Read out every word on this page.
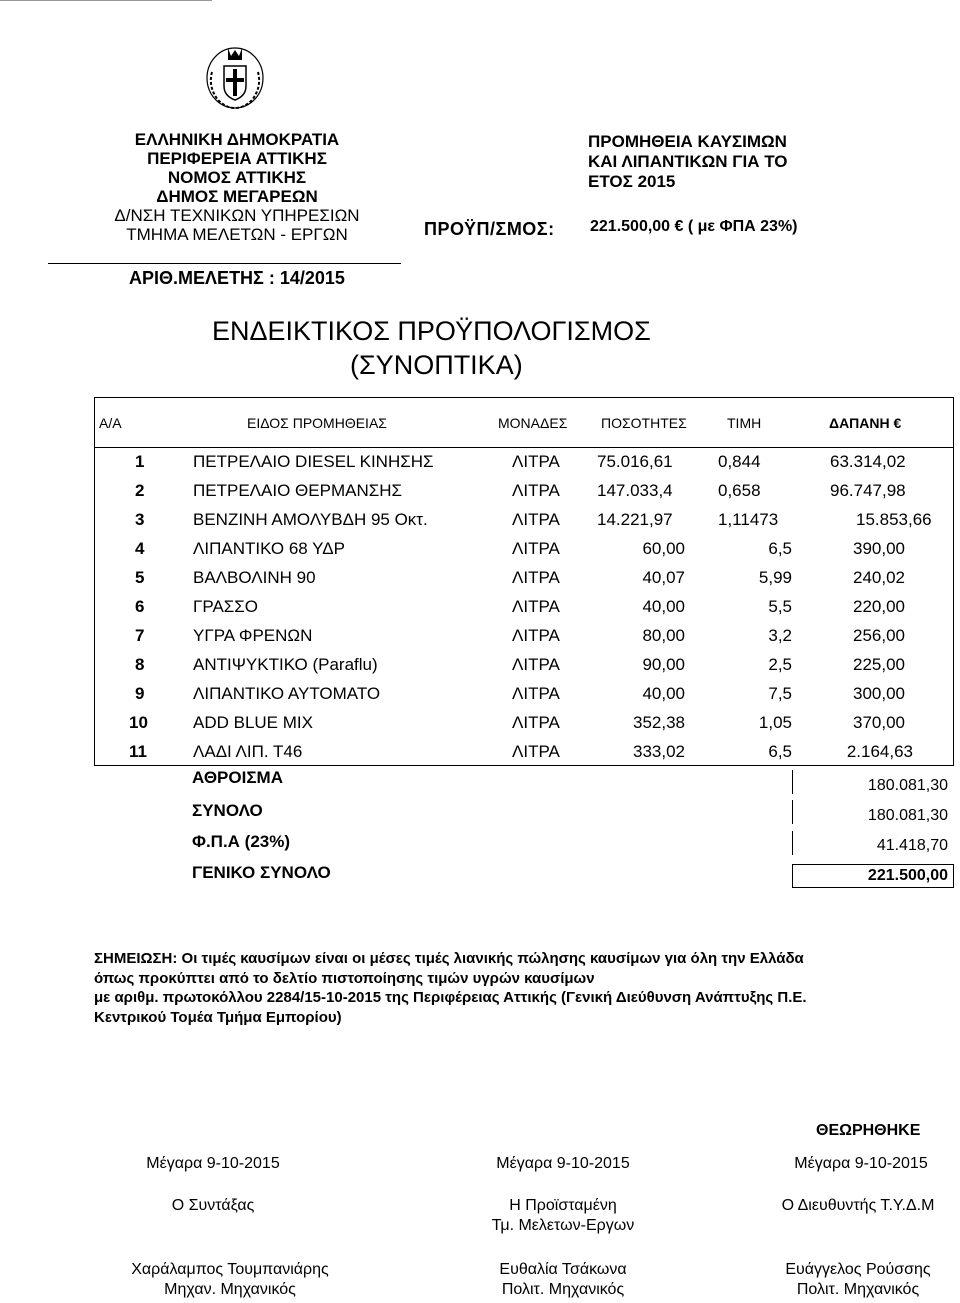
ΕΛΛΗΝΙΚΗ ΔΗΜΟΚΡΑΤΙΑ
ΠΕΡΙΦΕΡΕΙΑ ΑΤΤΙΚΗΣ
ΝΟΜΟΣ ΑΤΤΙΚΗΣ
ΔΗΜΟΣ ΜΕΓΑΡΕΩΝ
Δ/ΝΣΗ ΤΕΧΝΙΚΩΝ ΥΠΗΡΕΣΙΩΝ
ΤΜΗΜΑ ΜΕΛΕΤΩΝ - ΕΡΓΩΝ
ΑΡΙΘ.ΜΕΛΕΤΗΣ : 14/2015
ΠΡΟΜΗΘΕΙΑ ΚΑΥΣΙΜΩΝ
ΚΑΙ ΛΙΠΑΝΤΙΚΩΝ ΓΙΑ ΤΟ
ΕΤΟΣ 2015
ΠΡΟΫΠ/ΣΜΟΣ: 221.500,00 € ( με ΦΠΑ 23%)
ΕΝΔΕΙΚΤΙΚΟΣ ΠΡΟΫΠΟΛΟΓΙΣΜΟΣ
(ΣΥΝΟΠΤΙΚΑ)
Α/Α	ΕΙΔΟΣ ΠΡΟΜΗΘΕΙΑΣ	ΜΟΝΑΔΕΣ ΠΟΣΟΤΗΤΕΣ	ΤΙΜΗ	ΔΑΠΑΝΗ €
1	ΠΕΤΡΕΛΑΙΟ DIESEL ΚΙΝΗΣΗΣ	ΛΙΤΡΑ 75.016,61	0,844	63.314,02
2	ΠΕΤΡΕΛΑΙΟ ΘΕΡΜΑΝΣΗΣ	ΛΙΤΡΑ 147.033,4	0,658	96.747,98
3	ΒΕΝΖΙΝΗ ΑΜΟΛΥΒΔΗ 95 Οκτ.	ΛΙΤΡΑ 14.221,97	1,11473	15.853,66
4	ΛΙΠΑΝΤΙΚΟ 68 ΥΔΡ	ΛΙΤΡΑ	60,00	6,5	390,00
5	ΒΑΛΒΟΛΙΝΗ 90	ΛΙΤΡΑ	40,07	5,99	240,02
6	ΓΡΑΣΣΟ	ΛΙΤΡΑ	40,00	5,5	220,00
7	ΥΓΡΑ ΦΡΕΝΩΝ	ΛΙΤΡΑ	80,00	3,2	256,00
8	ΑΝΤΙΨΥΚΤΙΚΟ (Paraflu)	ΛΙΤΡΑ	90,00	2,5	225,00
9	ΛΙΠΑΝΤΙΚΟ ΑΥΤΟΜΑΤΟ	ΛΙΤΡΑ	40,00	7,5	300,00
10	ADD BLUE MIX	ΛΙΤΡΑ	352,38	1,05	370,00
11	ΛΑΔΙ ΛΙΠ. Τ46	ΛΙΤΡΑ	333,02	6,5	2.164,63
ΑΘΡΟΙΣΜΑ	180.081,30
ΣΥΝΟΛΟ	180.081,30
Φ.Π.Α (23%)	41.418,70
ΓΕΝΙΚΟ ΣΥΝΟΛΟ	221.500,00
ΣΗΜΕΙΩΣΗ: Οι τιμές καυσίμων είναι οι μέσες τιμές λιανικής πώλησης καυσίμων για όλη την Ελλάδα
όπως προκύπτει από το δελτίο πιστοποίησης τιμών υγρών καυσίμων
με αριθμ. πρωτοκόλλου 2284/15-10-2015 της Περιφέρειας Αττικής (Γενική Διεύθυνση Ανάπτυξης Π.Ε.
Κεντρικού Τομέα Τμήμα Εμπορίου)
ΘΕΩΡΗΘΗΚΕ
Μέγαρα 9-10-2015
Ο Συντάξας
Χαράλαμπος Τουμπανιάρης
Μηχαν. Μηχανικός
Μέγαρα 9-10-2015
Η Προϊσταμένη
Τμ. Μελετων-Εργων
Ευθαλία Τσάκωνα
Πολιτ. Μηχανικός
Μέγαρα 9-10-2015
Ο Διευθυντής Τ.Υ.Δ.Μ
Ευάγγελος Ρούσσης
Πολιτ. Μηχανικός
